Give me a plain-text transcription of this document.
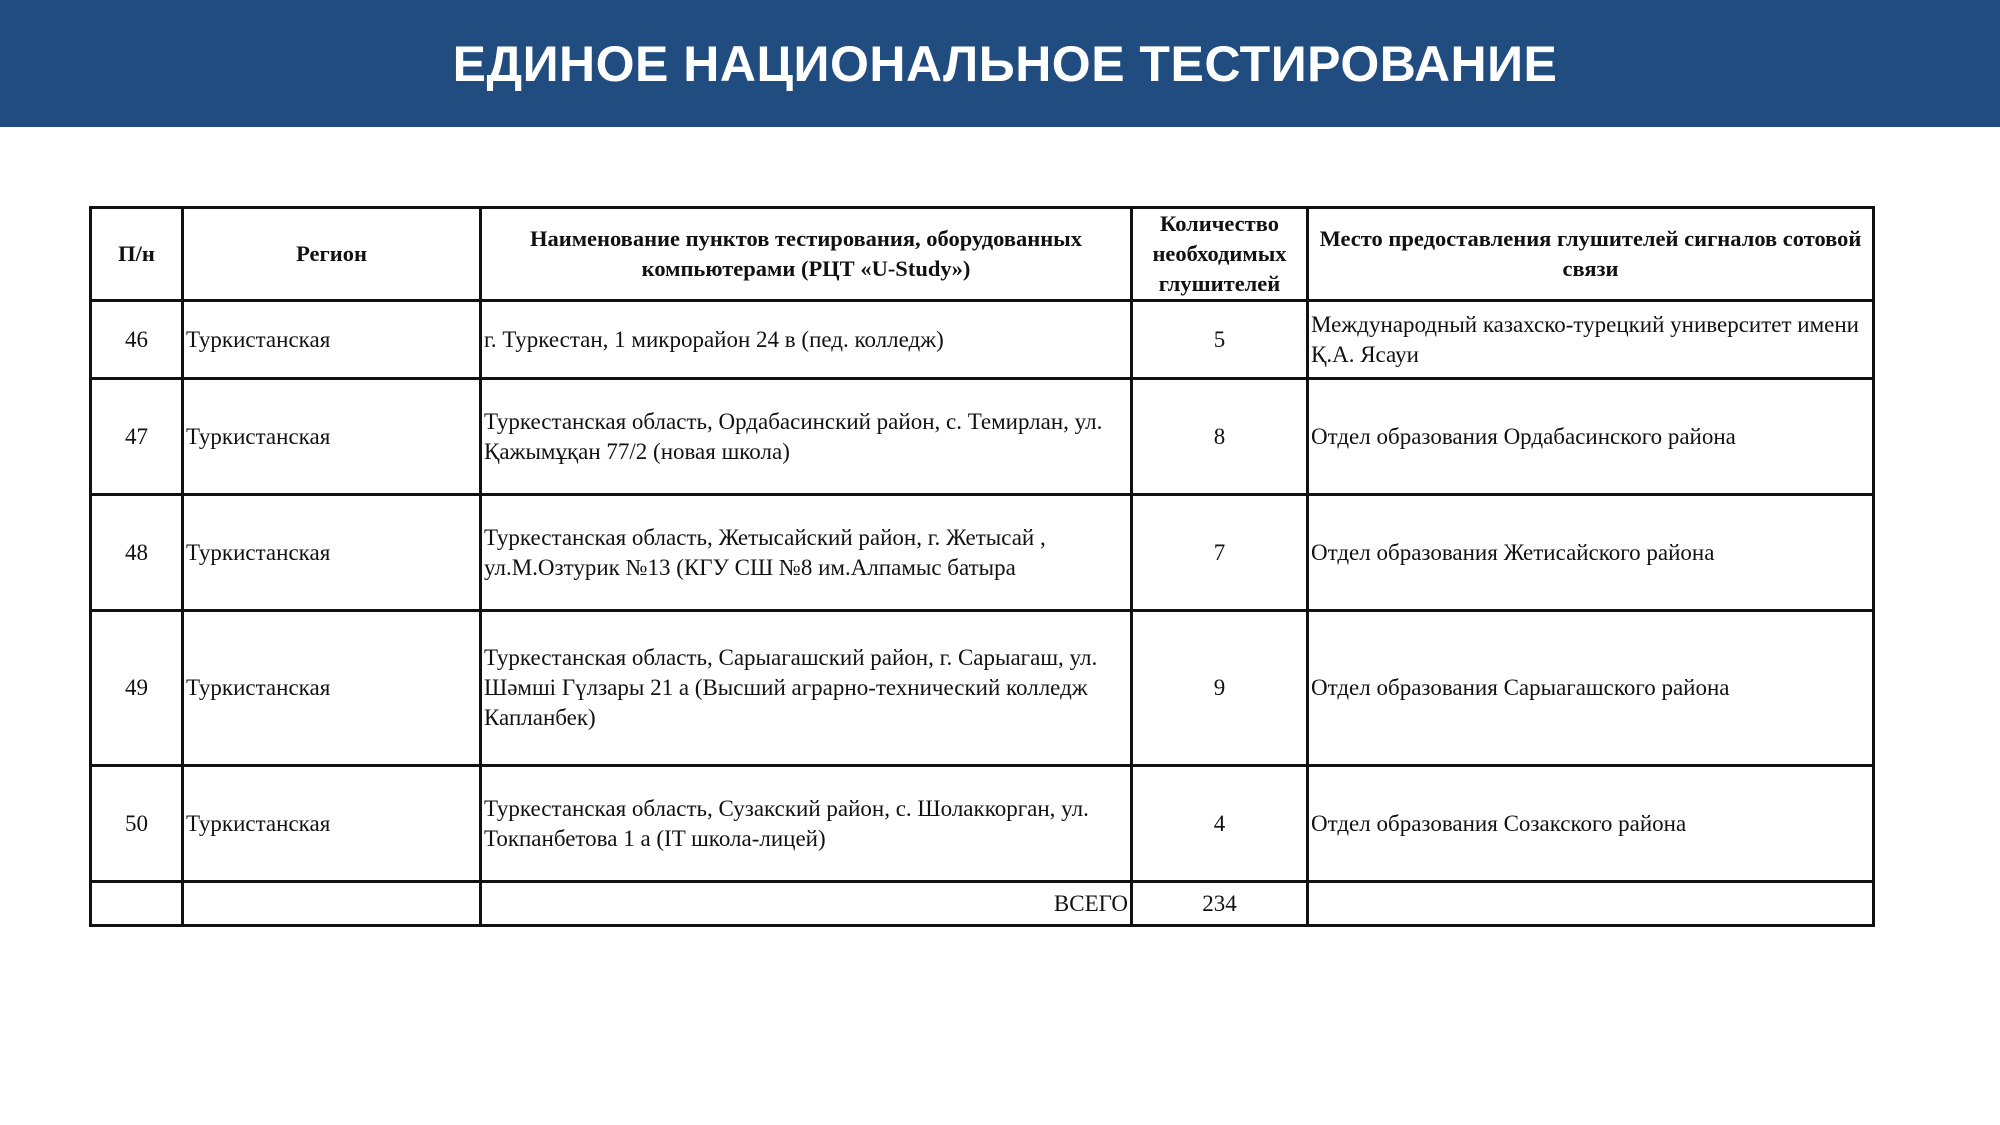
ЕДИНОЕ НАЦИОНАЛЬНОЕ ТЕСТИРОВАНИЕ
П/н	Регион	Наименование пунктов тестирования, оборудованных компьютерами (РЦТ «U-Study»)	Количество необходимых глушителей	Место предоставления глушителей сигналов сотовой связи
46	Туркистанская	г. Туркестан, 1 микрорайон 24 в (пед. колледж)	5	Международный казахско-турецкий университет имени Қ.А. Ясауи
47	Туркистанская	Туркестанская область, Ордабасинский район, с. Темирлан, ул. Қажымұқан 77/2 (новая школа)	8	Отдел образования Ордабасинского района
48	Туркистанская	Туркестанская область, Жетысайский район, г. Жетысай , ул.М.Озтурик №13 (КГУ СШ №8 им.Алпамыс батыра	7	Отдел образования Жетисайского района
49	Туркистанская	Туркестанская область, Сарыагашский район, г. Сарыагаш, ул. Шәмші Гүлзары 21 а (Высший аграрно-технический колледж Капланбек)	9	Отдел образования Сарыагашского района
50	Туркистанская	Туркестанская область, Сузакский район, с. Шолаккорган, ул. Токпанбетова 1 а (IT школа-лицей)	4	Отдел образования Созакского района
		ВСЕГО	234	
